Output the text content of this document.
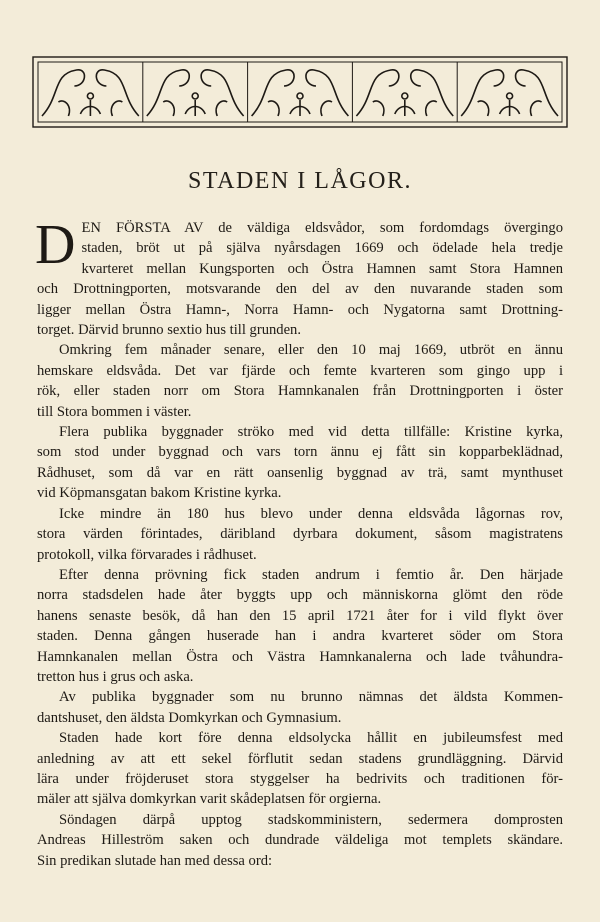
STADEN I LÅGOR.
D EN FÖRSTA AV de väldiga eldsvådor, som fordomdags övergingo
staden, bröt ut på själva nyårsdagen 1669 och ödelade hela tredje
kvarteret mellan Kungsporten och Östra Hamnen samt Stora Hamnen
och Drottningporten, motsvarande den del av den nuvarande staden som
ligger mellan Östra Hamn-, Norra Hamn- och Nygatorna samt Drottning-
torget. Därvid brunno sextio hus till grunden.
Omkring fem månader senare, eller den 10 maj 1669, utbröt en ännu
hemskare eldsvåda. Det var fjärde och femte kvarteren som gingo upp i
rök, eller staden norr om Stora Hamnkanalen från Drottningporten i öster
till Stora bommen i väster.
Flera publika byggnader ströko med vid detta tillfälle: Kristine kyrka,
som stod under byggnad och vars torn ännu ej fått sin kopparbeklädnad,
Rådhuset, som då var en rätt oansenlig byggnad av trä, samt mynthuset
vid Köpmansgatan bakom Kristine kyrka.
Icke mindre än 180 hus blevo under denna eldsvåda lågornas rov,
stora värden förintades, däribland dyrbara dokument, såsom magistratens
protokoll, vilka förvarades i rådhuset.
Efter denna prövning fick staden andrum i femtio år. Den härjade
norra stadsdelen hade åter byggts upp och människorna glömt den röde
hanens senaste besök, då han den 15 april 1721 åter for i vild flykt över
staden. Denna gången huserade han i andra kvarteret söder om Stora
Hamnkanalen mellan Östra och Västra Hamnkanalerna och lade tvåhundra-
tretton hus i grus och aska.
Av publika byggnader som nu brunno nämnas det äldsta Kommen-
dantshuset, den äldsta Domkyrkan och Gymnasium.
Staden hade kort före denna eldsolycka hållit en jubileumsfest med
anledning av att ett sekel förflutit sedan stadens grundläggning. Därvid
lära under fröjderuset stora styggelser ha bedrivits och traditionen för-
mäler att själva domkyrkan varit skådeplatsen för orgierna.
Söndagen därpå upptog stadskomministern, sedermera domprosten
Andreas Hilleström saken och dundrade väldeliga mot templets skändare.
Sin predikan slutade han med dessa ord:
